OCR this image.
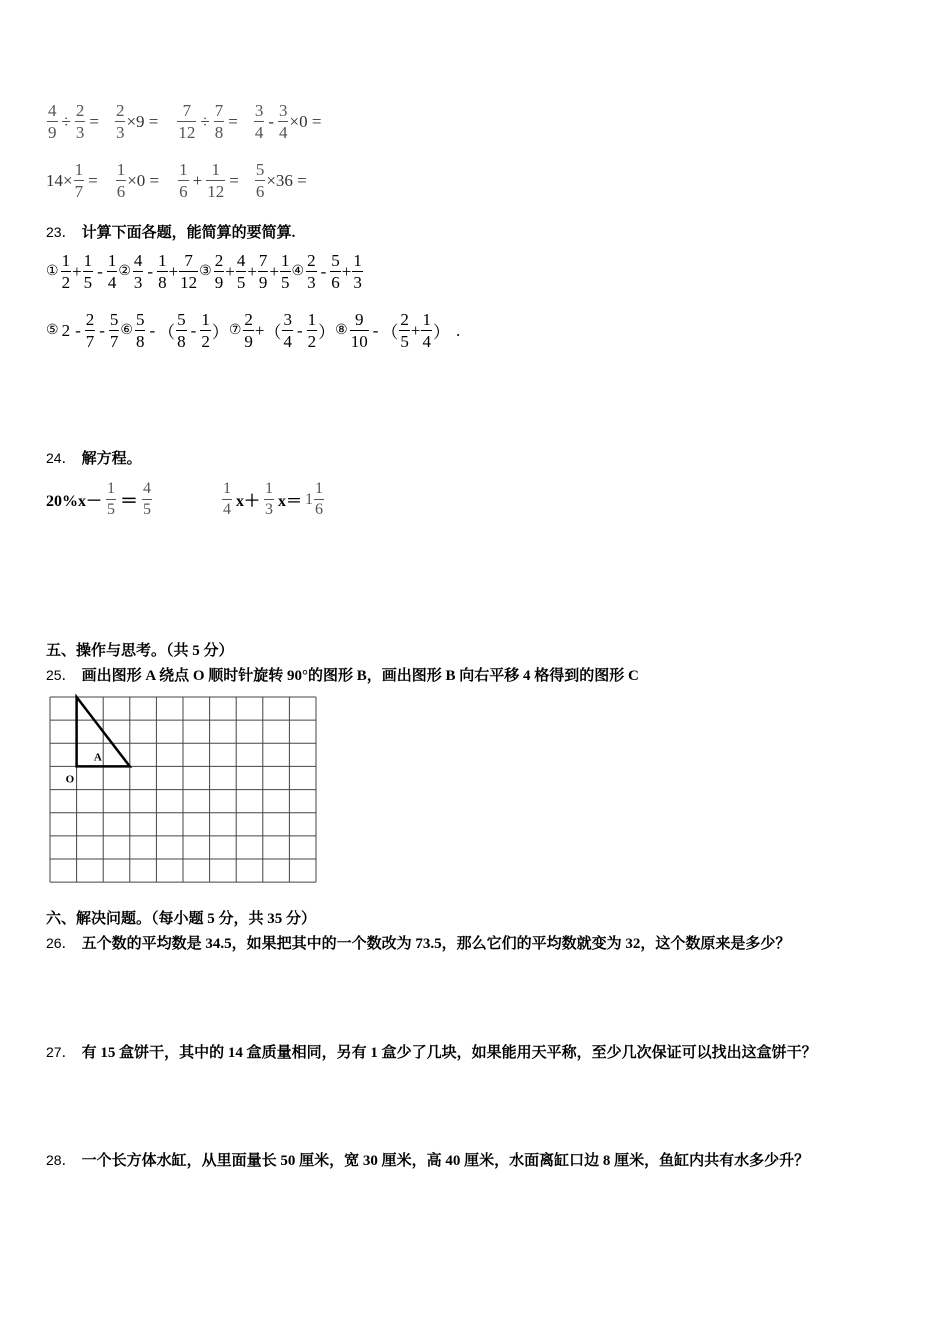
$\frac{4}{9} \div \frac{2}{3} = \frac{2}{3} \times 9 = \frac{7}{12} \div \frac{7}{8}$ =
3
4
- $\frac{3}{4} \times 0$ =
$14\times \frac{1}{7} = \frac{1}{6} \times 0$ =
1
6
+ $\frac{1}{12} = \frac{5}{6} \times 36$ =
23． 计算下面各题，能简算的要简算.
①
1
2
+ $\frac{1}{5}$ -
1
4
②
4
3
-
1
8
+ $\frac{7}{12}$ ③
2
9
+ $\frac{4}{5} + \frac{7}{9} + \frac{1}{5}$ ④
2
3
-
5
6
+ $\frac{1}{3}$
⑤ 2 -
2
7
-
5
7
⑥
5
8
- （
5
8
-
1
2 ） ⑦
2
9
+ （
3
4
-
1
2 ） ⑧
9
10
- （
2
5
+ $\frac{1}{4}$ ） .
24． 解方程。
20%x－
1
5 ＝
4
5
1
4 x＋
1
3 x＝ 1
1
6
五、操作与思考。（共 5 分）
25． 画出图形 A 绕点 O 顺时针旋转 90°的图形 B，画出图形 B 向右平移 4 格得到的图形 C
A
O
六、解决问题。（每小题 5 分，共 35 分）
26． 五个数的平均数是 34.5，如果把其中的一个数改为 73.5，那么它们的平均数就变为 32，这个数原来是多少？
27． 有 15 盒饼干，其中的 14 盒质量相同，另有 1 盒少了几块，如果能用天平称，至少几次保证可以找出这盒饼干？
28． 一个长方体水缸，从里面量长 50 厘米，宽 30 厘米，高 40 厘米，水面离缸口边 8 厘米，鱼缸内共有水多少升？
